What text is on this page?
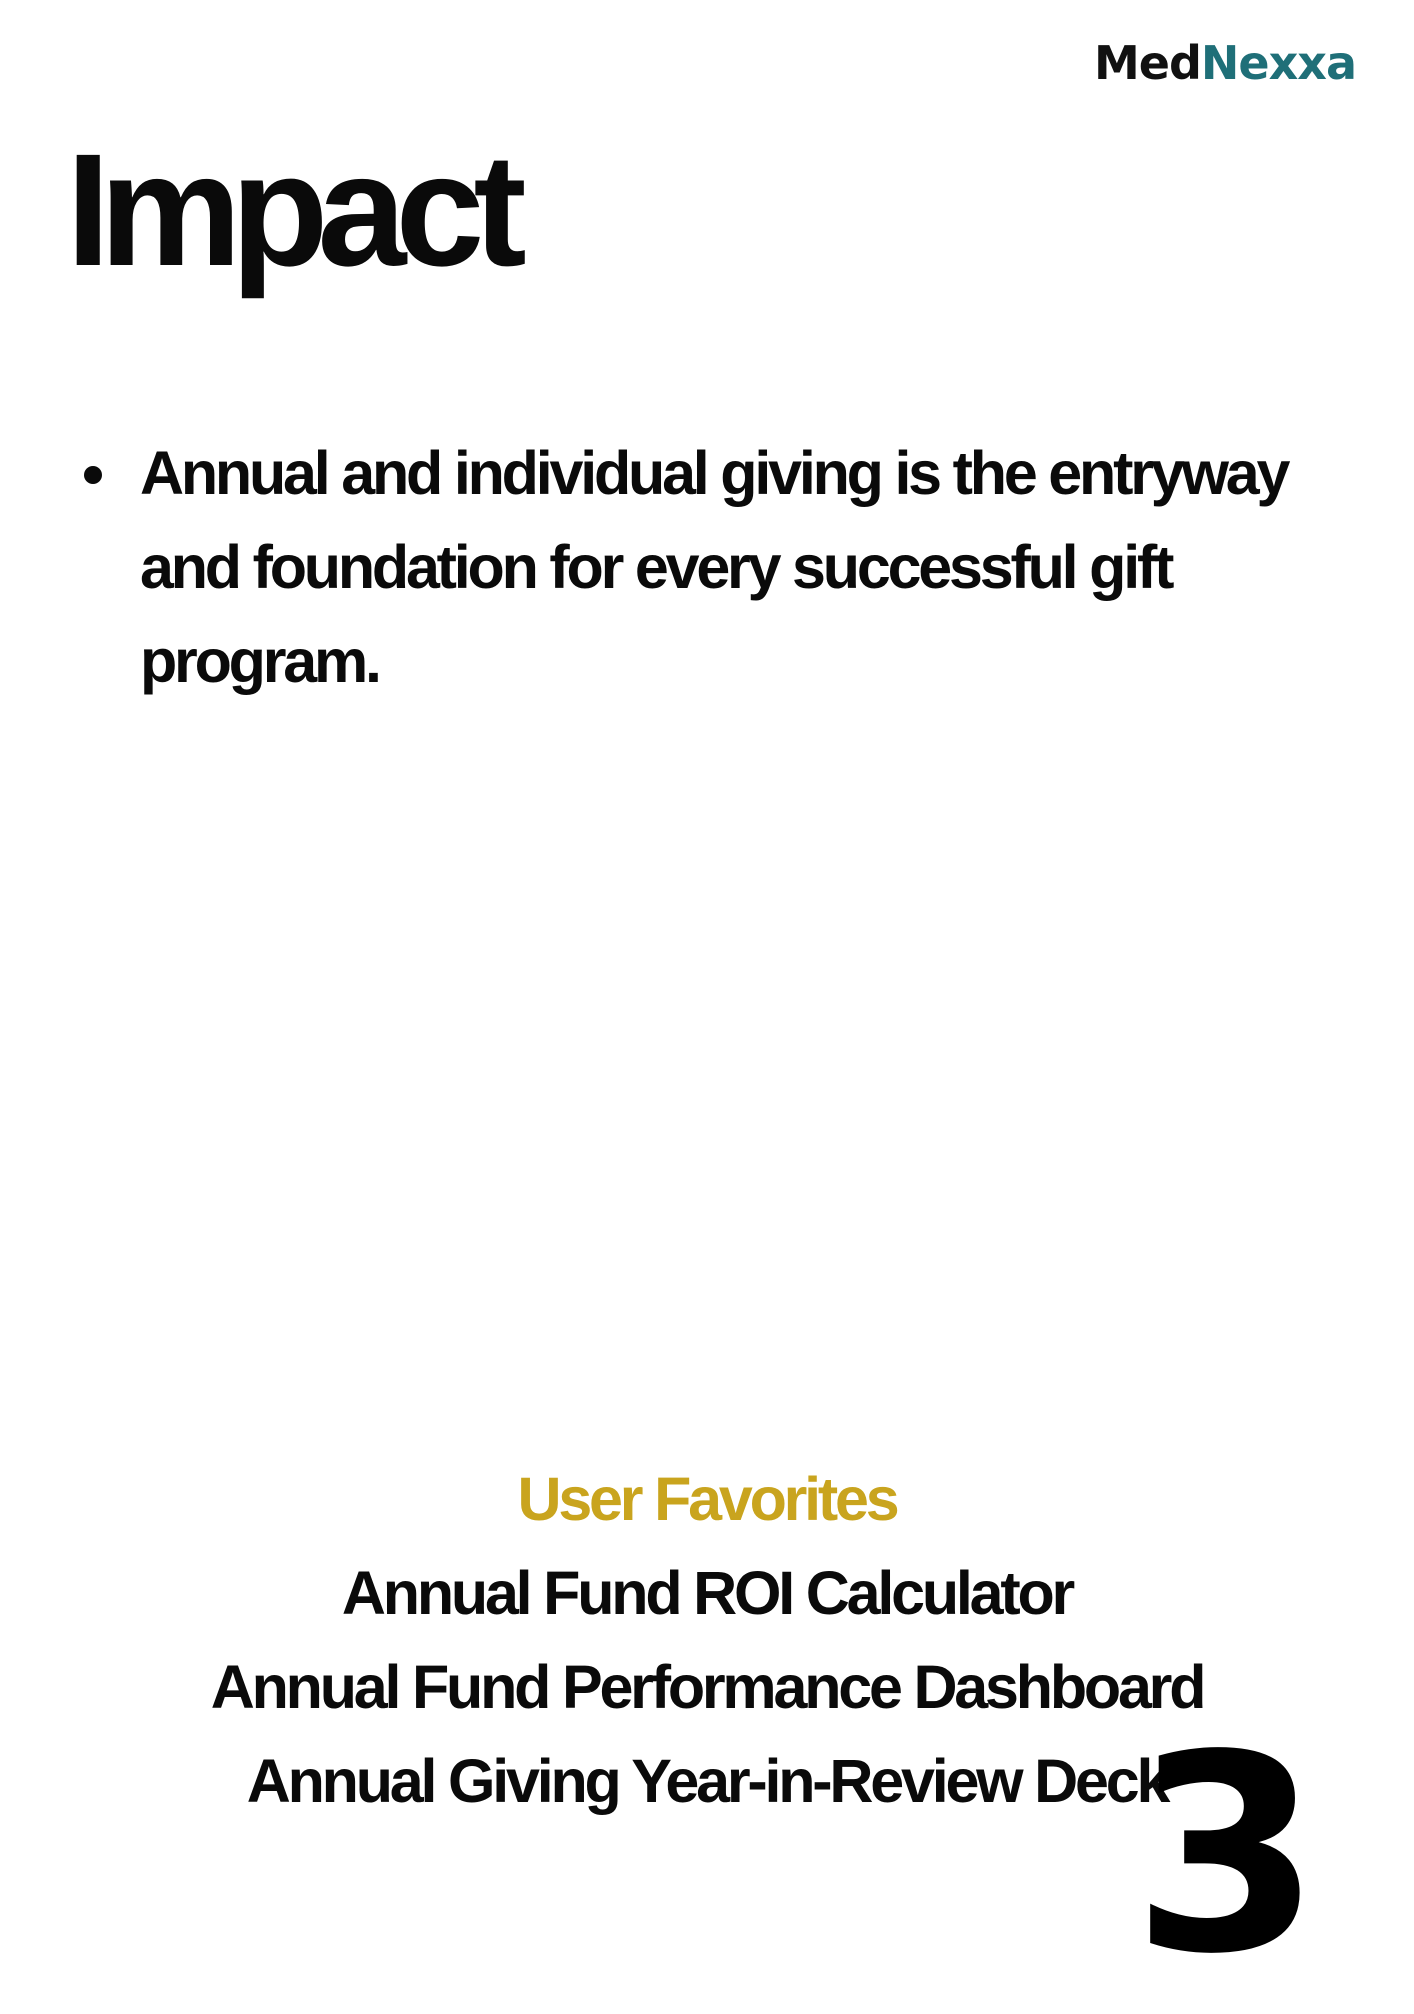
MedNexxa
Impact
Annual and individual giving is the entryway and foundation for every successful gift program.
User Favorites
Annual Fund ROI Calculator
Annual Fund Performance Dashboard
Annual Giving Year-in-Review Deck
3
